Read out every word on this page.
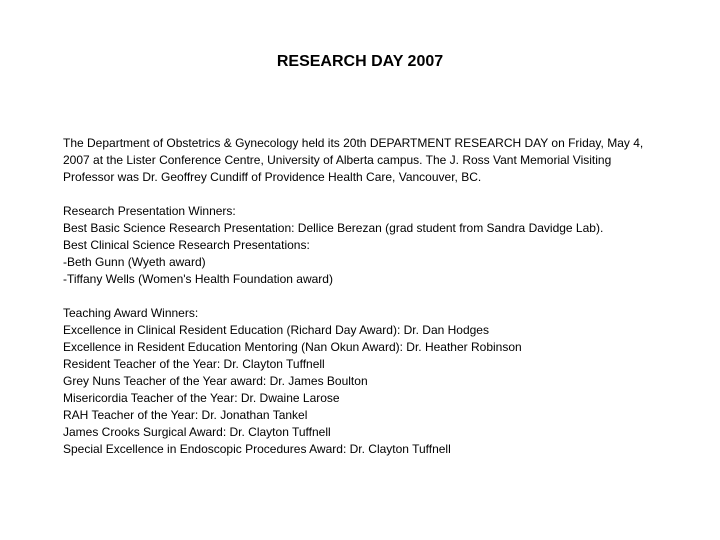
RESEARCH DAY 2007

The Department of Obstetrics & Gynecology held its 20th DEPARTMENT RESEARCH DAY on Friday, May 4,
2007 at the Lister Conference Centre, University of Alberta campus. The J. Ross Vant Memorial Visiting
Professor was Dr. Geoffrey Cundiff of Providence Health Care, Vancouver, BC.

Research Presentation Winners:
Best Basic Science Research Presentation: Dellice Berezan (grad student from Sandra Davidge Lab).
Best Clinical Science Research Presentations:
-Beth Gunn (Wyeth award)
-Tiffany Wells (Women's Health Foundation award)
Teaching Award Winners:
Excellence in Clinical Resident Education (Richard Day Award): Dr. Dan Hodges
Excellence in Resident Education Mentoring (Nan Okun Award): Dr. Heather Robinson
Resident Teacher of the Year: Dr. Clayton Tuffnell
Grey Nuns Teacher of the Year award: Dr. James Boulton
Misericordia Teacher of the Year: Dr. Dwaine Larose
RAH Teacher of the Year: Dr. Jonathan Tankel
James Crooks Surgical Award: Dr. Clayton Tuffnell
Special Excellence in Endoscopic Procedures Award: Dr. Clayton Tuffnell
